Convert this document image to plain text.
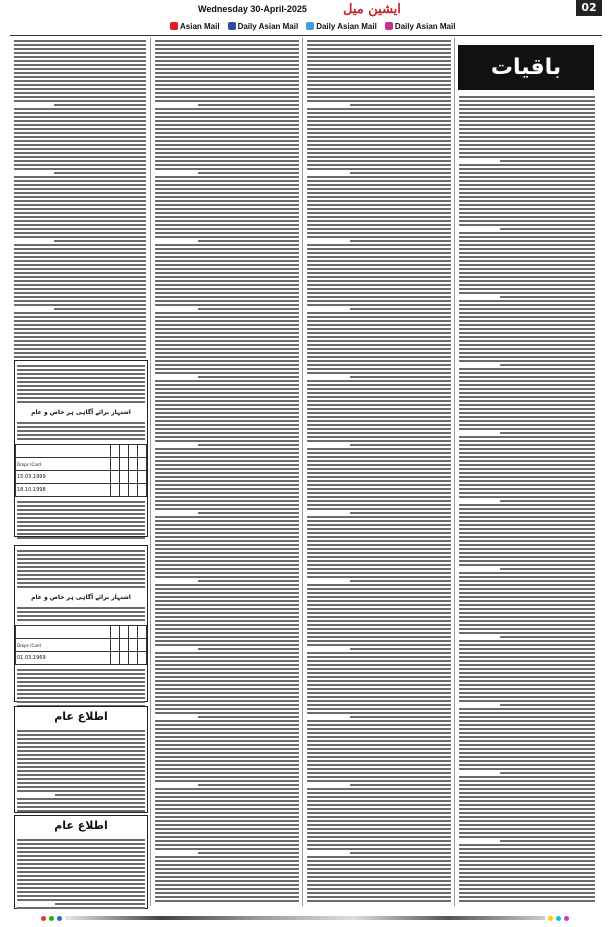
Wednesday 30-April-2025	ایشین میل	02
Asian Mail Daily Asian Mail Daily Asian Mail Daily Asian Mail
باقیات
اشتہار برائے آگاہی ہر خاص و عام

Drops (Card				
15.03.1999				
18.10.1998				
اشتہار برائے آگاہی ہر خاص و عام

Drops (Card				
01.03.1969				
اطلاع عام
اطلاع عام
